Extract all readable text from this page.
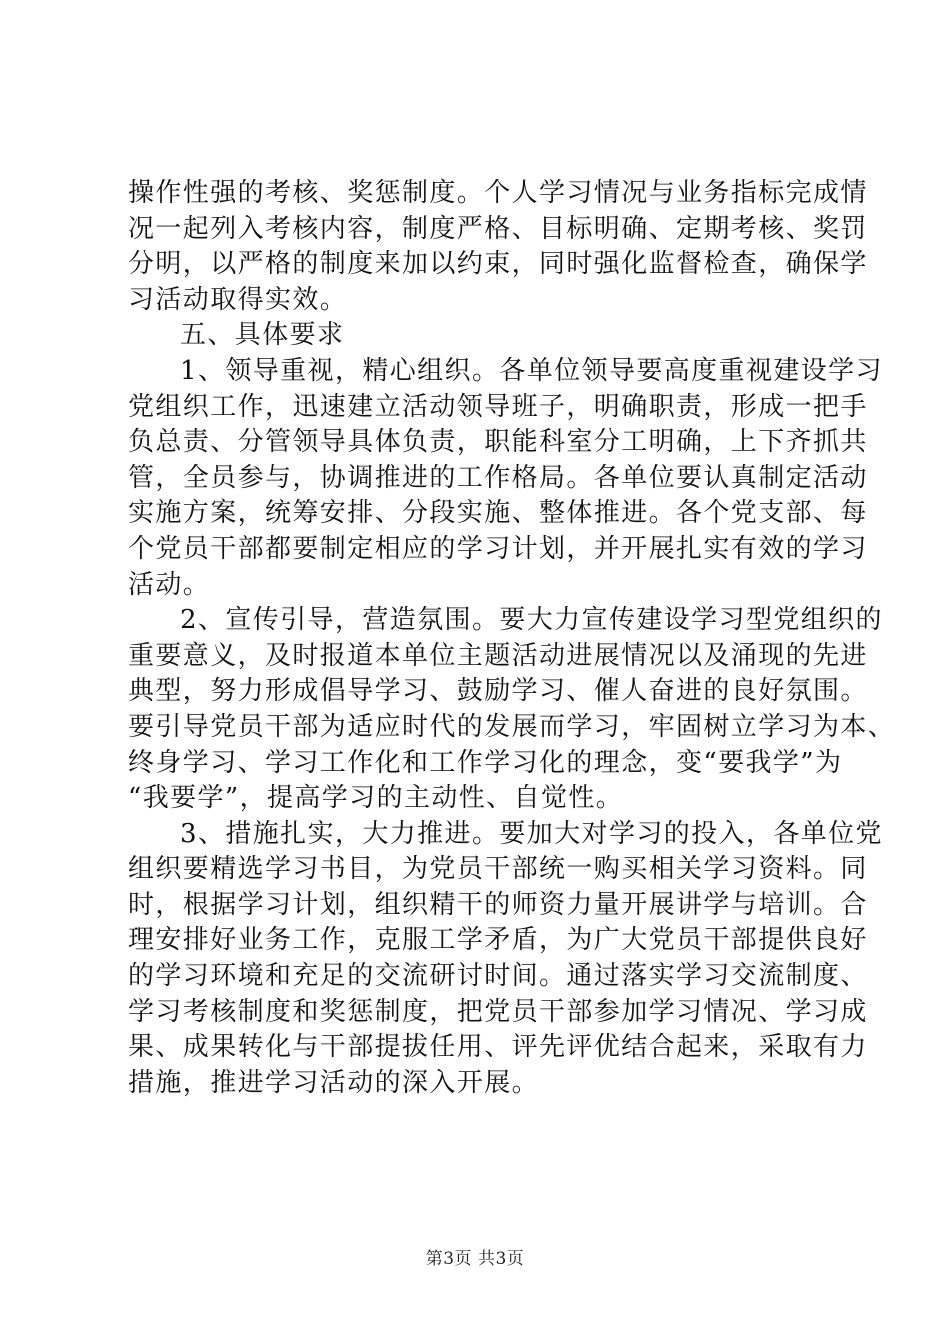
操作性强的考核、奖惩制度。个人学习情况与业务指标完成情
况一起列入考核内容，制度严格、目标明确、定期考核、奖罚
分明，以严格的制度来加以约束，同时强化监督检查，确保学
习活动取得实效。
五、具体要求
1、领导重视，精心组织。各单位领导要高度重视建设学习
党组织工作，迅速建立活动领导班子，明确职责，形成一把手
负总责、分管领导具体负责，职能科室分工明确，上下齐抓共
管，全员参与，协调推进的工作格局。各单位要认真制定活动
实施方案，统筹安排、分段实施、整体推进。各个党支部、每
个党员干部都要制定相应的学习计划，并开展扎实有效的学习
活动。
2、宣传引导，营造氛围。要大力宣传建设学习型党组织的
重要意义，及时报道本单位主题活动进展情况以及涌现的先进
典型，努力形成倡导学习、鼓励学习、催人奋进的良好氛围。
要引导党员干部为适应时代的发展而学习，牢固树立学习为本、
终身学习、学习工作化和工作学习化的理念，变“要我学”为
“我要学”，提高学习的主动性、自觉性。
3、措施扎实，大力推进。要加大对学习的投入，各单位党
组织要精选学习书目，为党员干部统一购买相关学习资料。同
时，根据学习计划，组织精干的师资力量开展讲学与培训。合
理安排好业务工作，克服工学矛盾，为广大党员干部提供良好
的学习环境和充足的交流研讨时间。通过落实学习交流制度、
学习考核制度和奖惩制度，把党员干部参加学习情况、学习成
果、成果转化与干部提拔任用、评先评优结合起来，采取有力
措施，推进学习活动的深入开展。
第3页 共3页
